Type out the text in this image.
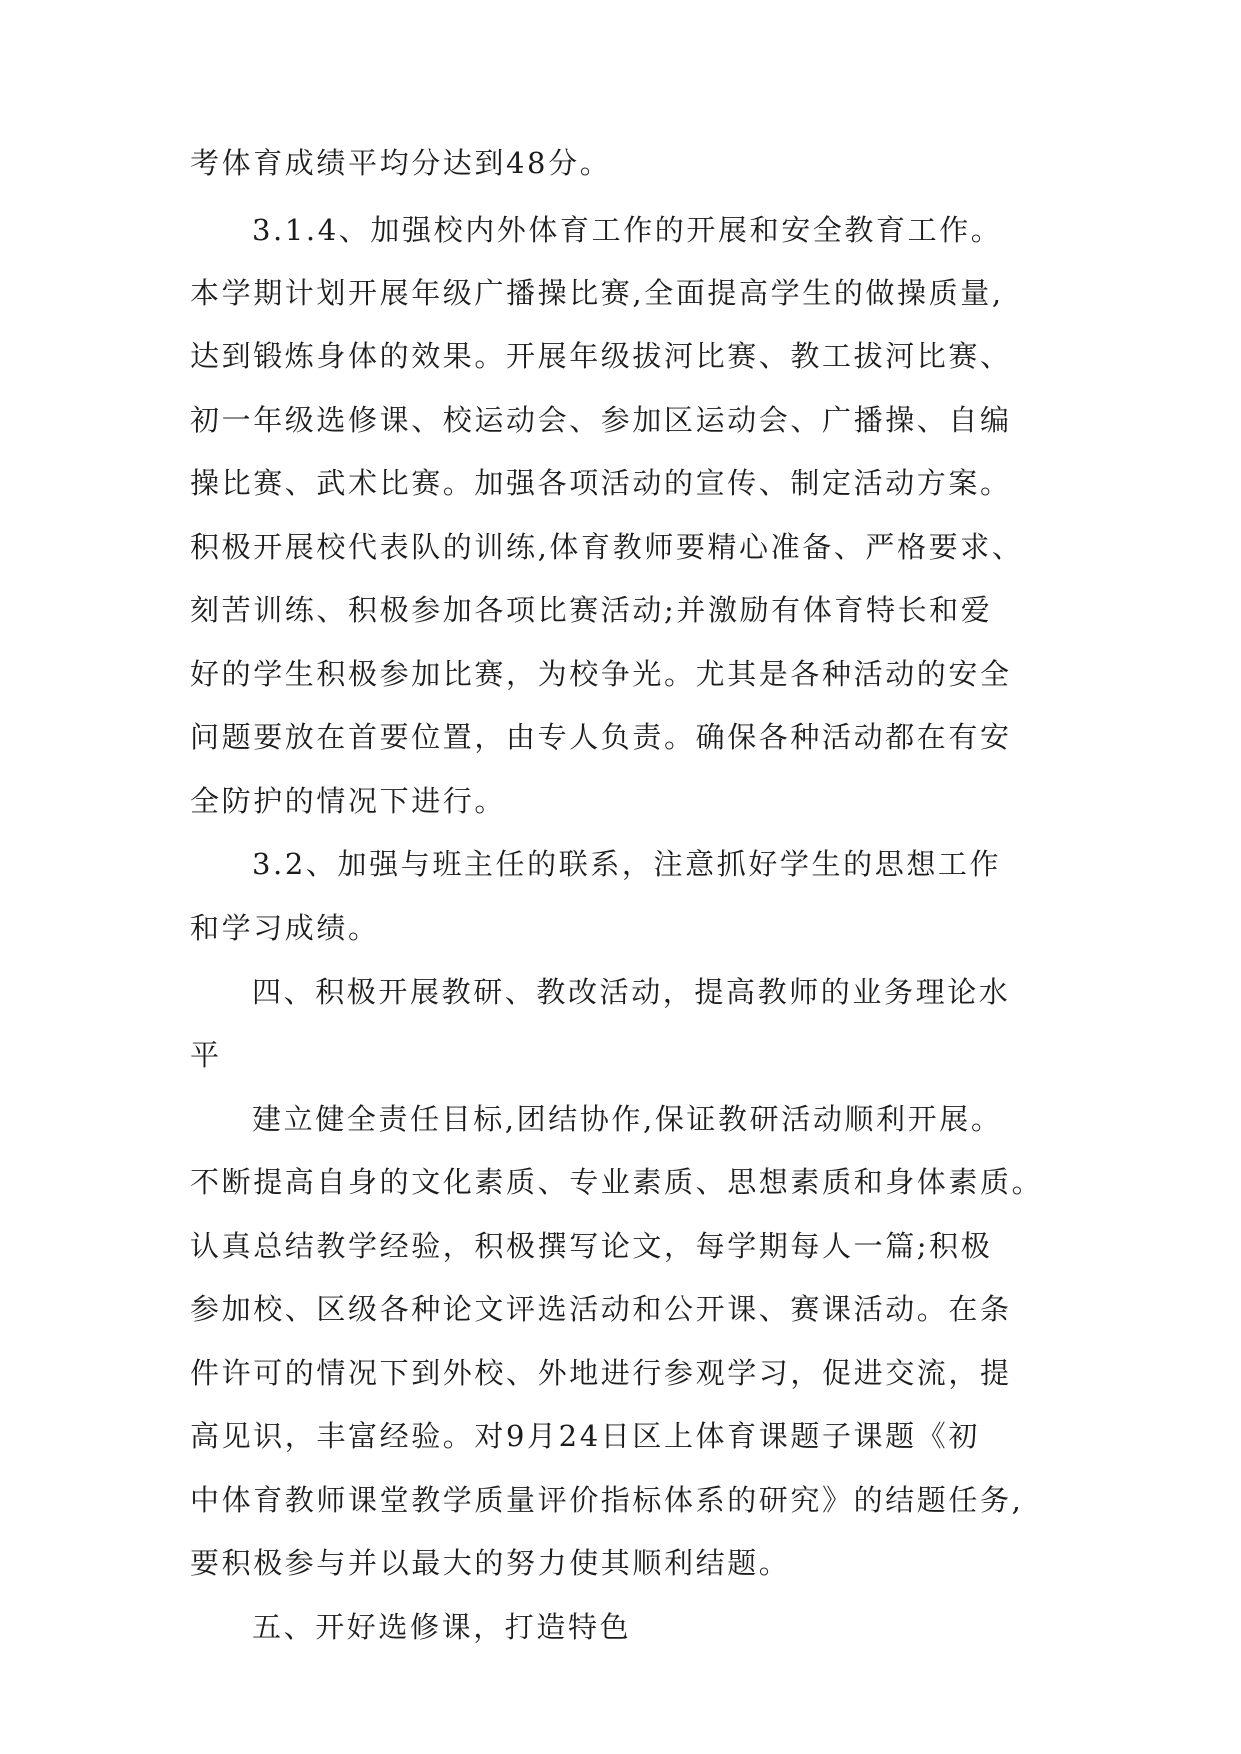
考体育成绩平均分达到48分。
3.1.4、加强校内外体育工作的开展和安全教育工作。
本学期计划开展年级广播操比赛,全面提高学生的做操质量,
达到锻炼身体的效果。开展年级拔河比赛、教工拔河比赛、
初一年级选修课、校运动会、参加区运动会、广播操、自编
操比赛、武术比赛。加强各项活动的宣传、制定活动方案。
积极开展校代表队的训练,体育教师要精心准备、严格要求、
刻苦训练、积极参加各项比赛活动;并激励有体育特长和爱
好的学生积极参加比赛，为校争光。尤其是各种活动的安全
问题要放在首要位置，由专人负责。确保各种活动都在有安
全防护的情况下进行。
3.2、加强与班主任的联系，注意抓好学生的思想工作
和学习成绩。
四、积极开展教研、教改活动，提高教师的业务理论水
平
建立健全责任目标,团结协作,保证教研活动顺利开展。
不断提高自身的文化素质、专业素质、思想素质和身体素质。
认真总结教学经验，积极撰写论文，每学期每人一篇;积极
参加校、区级各种论文评选活动和公开课、赛课活动。在条
件许可的情况下到外校、外地进行参观学习，促进交流，提
高见识，丰富经验。对9月24日区上体育课题子课题《初
中体育教师课堂教学质量评价指标体系的研究》的结题任务,
要积极参与并以最大的努力使其顺利结题。
五、开好选修课，打造特色
